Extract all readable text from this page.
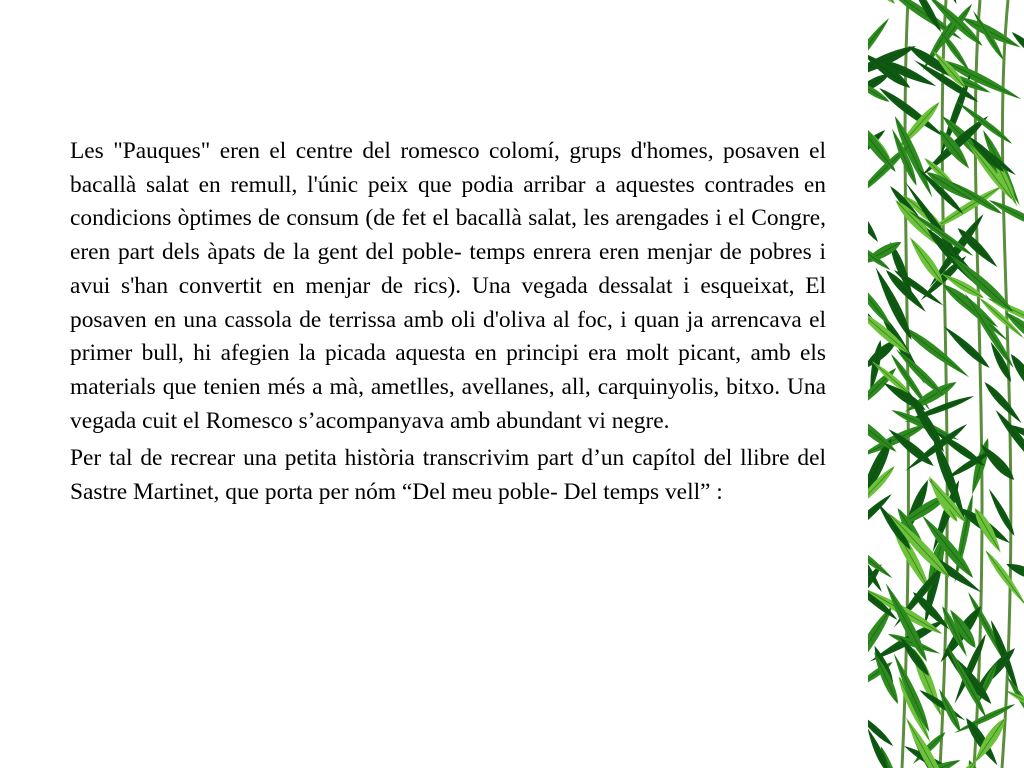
Les "Pauques" eren el centre del romesco colomí, grups d'homes, posaven el bacallà salat en remull, l'únic peix que podia arribar a aquestes contrades en condicions òptimes de consum (de fet el bacallà salat, les arengades i el Congre, eren part dels àpats de la gent del poble- temps enrera eren menjar de pobres i avui s'han convertit en menjar de rics). Una vegada dessalat i esqueixat, El posaven en una cassola de terrissa amb oli d'oliva al foc, i quan ja arrencava el primer bull, hi afegien la picada aquesta en principi era molt picant, amb els materials que tenien més a mà, ametlles, avellanes, all, carquinyolis, bitxo. Una vegada cuit el Romesco s’acompanyava amb abundant vi negre.

Per tal de recrear una petita història transcrivim part d’un capítol del llibre del Sastre Martinet, que porta per nóm “Del meu poble- Del temps vell” :
